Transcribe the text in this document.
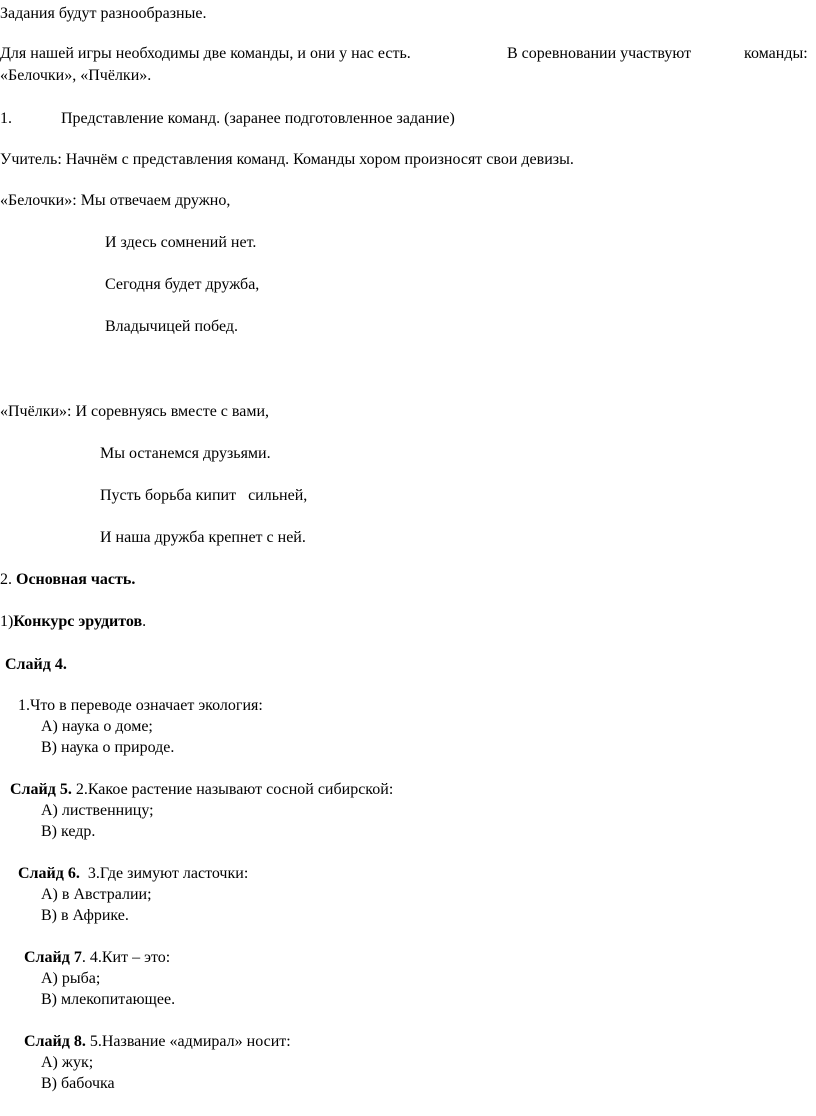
Задания будут разнообразные.
Для нашей игры необходимы две команды, и они у нас есть.	В соревновании участвуют	команды:
«Белочки», «Пчёлки».
1.	Представление команд. (заранее подготовленное задание)
Учитель: Начнём с представления команд. Команды хором произносят свои девизы.
«Белочки»: Мы отвечаем дружно,
И здесь сомнений нет.
Сегодня будет дружба,
Владычицей побед.
«Пчёлки»: И соревнуясь вместе с вами,
Мы останемся друзьями.
Пусть борьба кипит   сильней,
И наша дружба крепнет с ней.
2. Основная часть.
1)Конкурс эрудитов.
Слайд 4.
1.Что в переводе означает экология:
А) наука о доме;
В) наука о природе.
Слайд 5. 2.Какое растение называют сосной сибирской:
А) лиственницу;
В) кедр.
Слайд 6.  3.Где зимуют ласточки:
А) в Австралии;
В) в Африке.
Слайд 7. 4.Кит – это:
А) рыба;
В) млекопитающее.
Слайд 8. 5.Название «адмирал» носит:
А) жук;
В) бабочка
